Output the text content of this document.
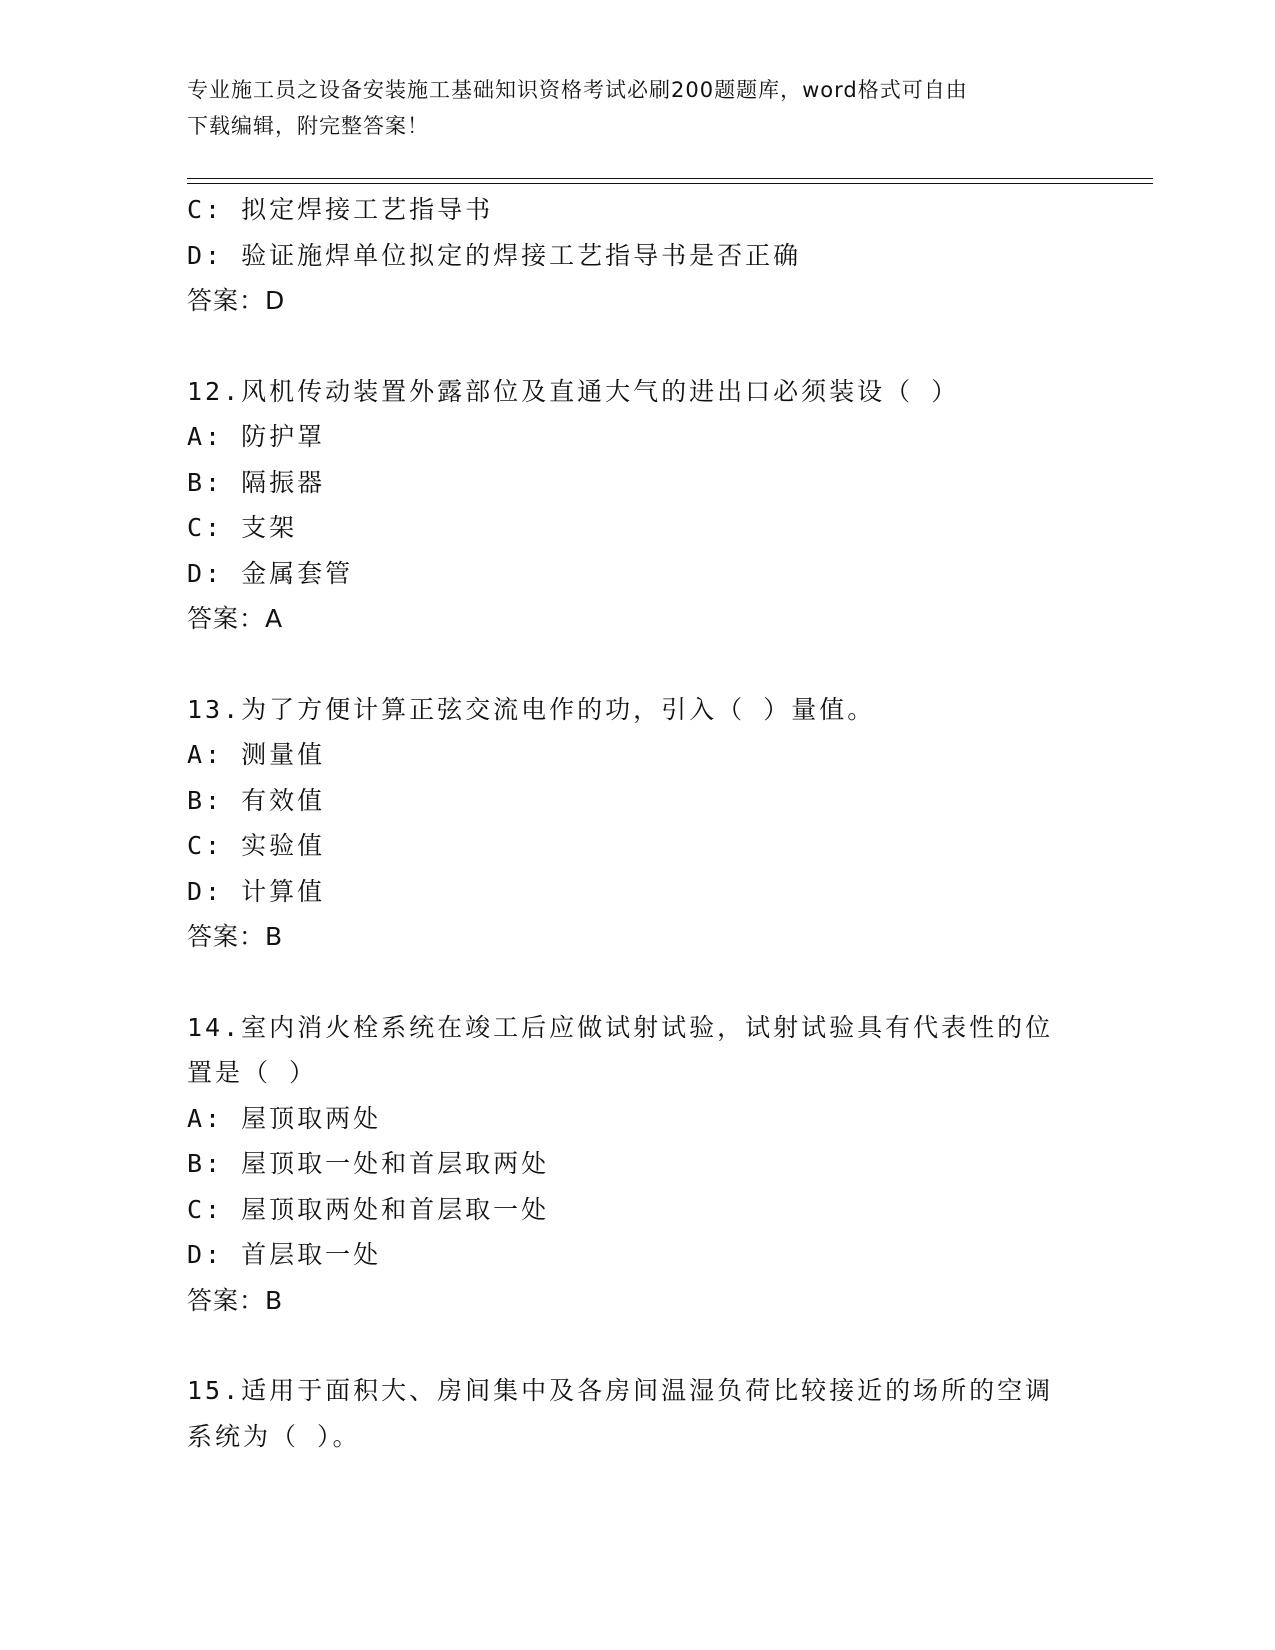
专业施工员之设备安装施工基础知识资格考试必刷200题题库，word格式可自由
下载编辑，附完整答案！
C: 拟定焊接工艺指导书
D: 验证施焊单位拟定的焊接工艺指导书是否正确
答案：D
12.风机传动装置外露部位及直通大气的进出口必须装设（ ）
A: 防护罩
B: 隔振器
C: 支架
D: 金属套管
答案：A
13.为了方便计算正弦交流电作的功，引入（ ）量值。
A: 测量值
B: 有效值
C: 实验值
D: 计算值
答案：B
14.室内消火栓系统在竣工后应做试射试验，试射试验具有代表性的位
置是（ ）
A: 屋顶取两处
B: 屋顶取一处和首层取两处
C: 屋顶取两处和首层取一处
D: 首层取一处
答案：B
15.适用于面积大、房间集中及各房间温湿负荷比较接近的场所的空调
系统为（ ）。
